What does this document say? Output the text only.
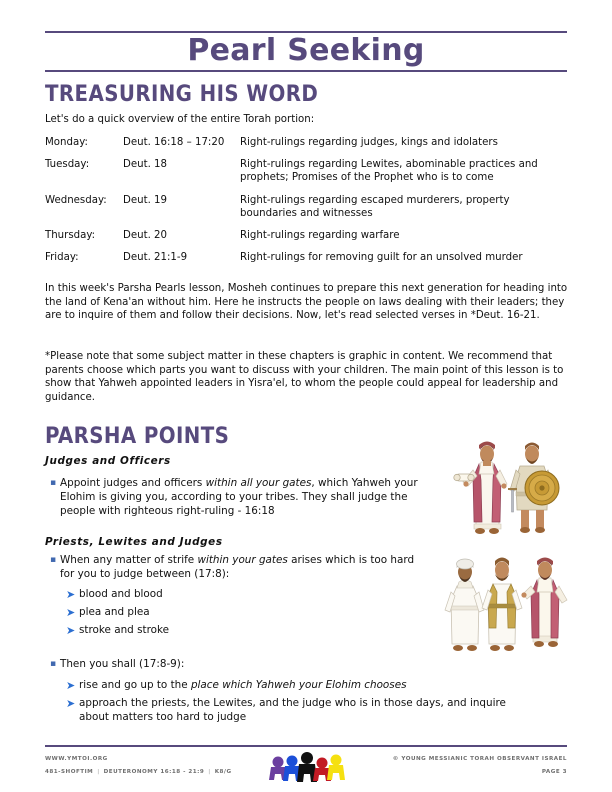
Pearl Seeking
TREASURING HIS WORD
Let's do a quick overview of the entire Torah portion:
Monday:	Deut. 16:18 – 17:20	Right-rulings regarding judges, kings and idolaters
Tuesday:	Deut. 18	Right-rulings regarding Lewites, abominable practices and prophets; Promises of the Prophet who is to come
Wednesday:	Deut. 19	Right-rulings regarding escaped murderers, property boundaries and witnesses
Thursday:	Deut. 20	Right-rulings regarding warfare
Friday:	Deut. 21:1-9	Right-rulings for removing guilt for an unsolved murder
In this week's Parsha Pearls lesson, Mosheh continues to prepare this next generation for heading into the land of Kena'an without him. Here he instructs the people on laws dealing with their leaders; they are to inquire of them and follow their decisions. Now, let's read selected verses in *Deut. 16-21.
*Please note that some subject matter in these chapters is graphic in content. We recommend that parents choose which parts you want to discuss with your children. The main point of this lesson is to show that Yahweh appointed leaders in Yisra'el, to whom the people could appeal for leadership and guidance.
PARSHA POINTS
Judges and Officers
▪
Appoint judges and officers within all your gates, which Yahweh your Elohim is giving you, according to your tribes. They shall judge the people with righteous right-ruling - 16:18
Priests, Lewites and Judges
▪
When any matter of strife within your gates arises which is too hard for you to judge between (17:8):
➤
blood and blood
➤
plea and plea
➤
stroke and stroke
▪
Then you shall (17:8-9):
➤
rise and go up to the place which Yahweh your Elohim chooses
➤
approach the priests, the Lewites, and the judge who is in those days, and inquire about matters too hard to judge
WWW.YMTOI.ORG
481-SHOFTIM | DEUTERONOMY 16:18 - 21:9 | K8/G
© YOUNG MESSIANIC TORAH OBSERVANT ISRAEL
PAGE 3
